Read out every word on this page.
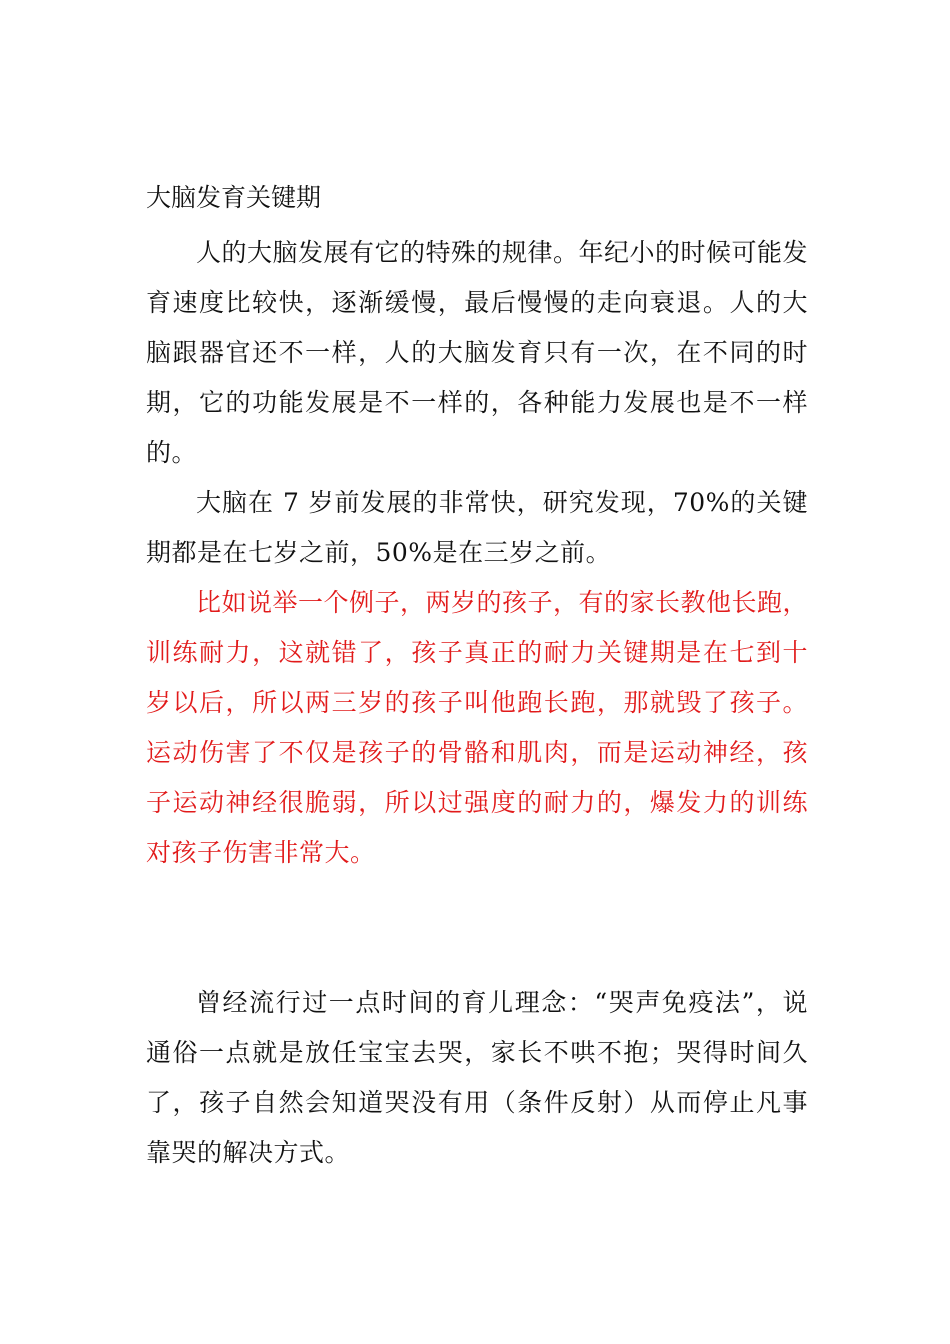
大脑发育关键期

人的大脑发展有它的特殊的规律。年纪小的时候可能发育速度比较快，逐渐缓慢，最后慢慢的走向衰退。人的大脑跟器官还不一样，人的大脑发育只有一次，在不同的时期，它的功能发展是不一样的，各种能力发展也是不一样的。

大脑在 7 岁前发展的非常快，研究发现，70%的关键期都是在七岁之前，50%是在三岁之前。

比如说举一个例子，两岁的孩子，有的家长教他长跑，训练耐力，这就错了，孩子真正的耐力关键期是在七到十岁以后，所以两三岁的孩子叫他跑长跑，那就毁了孩子。运动伤害了不仅是孩子的骨骼和肌肉，而是运动神经，孩子运动神经很脆弱，所以过强度的耐力的，爆发力的训练对孩子伤害非常大。

曾经流行过一点时间的育儿理念：“哭声免疫法”，说通俗一点就是放任宝宝去哭，家长不哄不抱；哭得时间久了，孩子自然会知道哭没有用（条件反射）从而停止凡事靠哭的解决方式。
